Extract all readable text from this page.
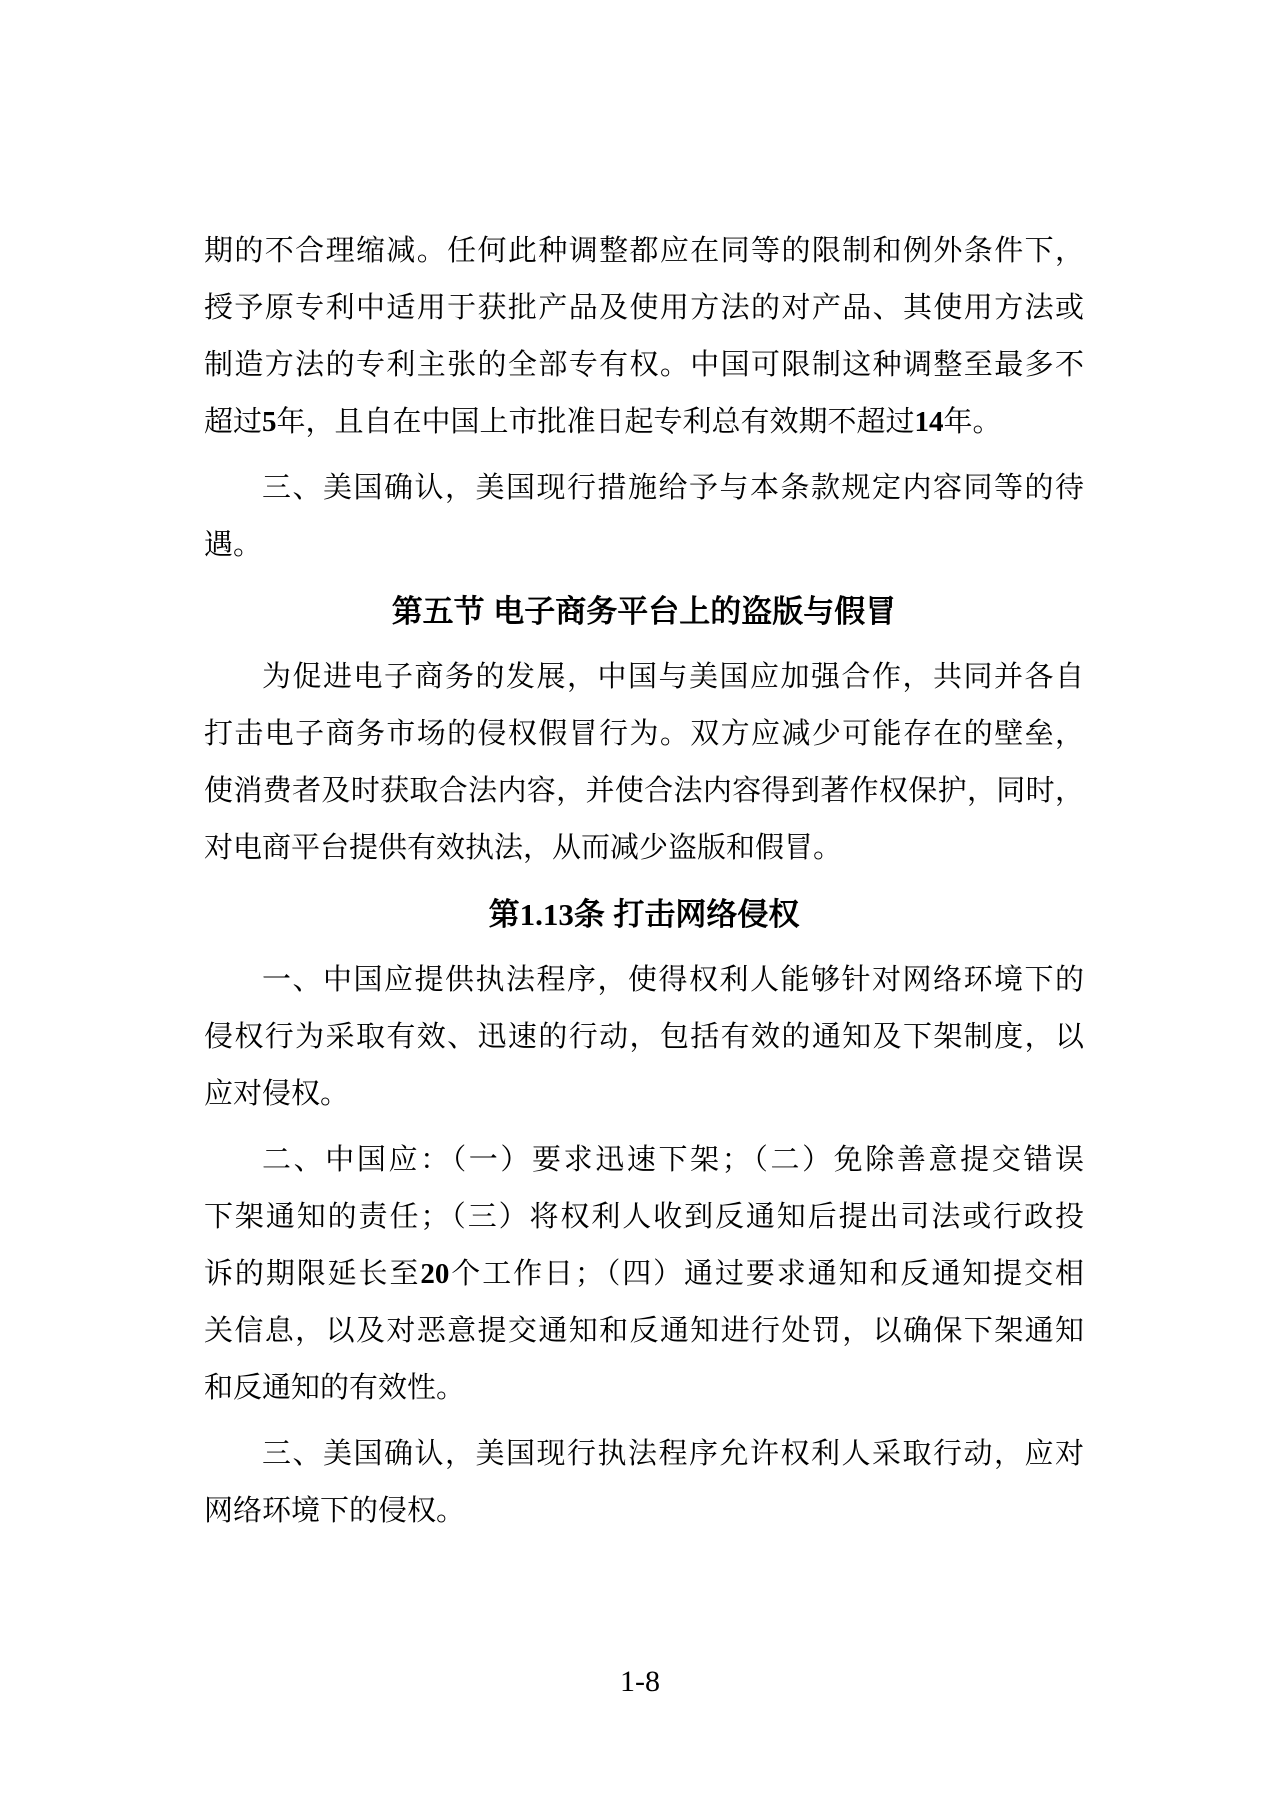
期的不合理缩减。任何此种调整都应在同等的限制和例外条件下，
授予原专利中适用于获批产品及使用方法的对产品、其使用方法或
制造方法的专利主张的全部专有权。中国可限制这种调整至最多不
超过5年，且自在中国上市批准日起专利总有效期不超过14年。
三、美国确认，美国现行措施给予与本条款规定内容同等的待
遇。
第五节 电子商务平台上的盗版与假冒
为促进电子商务的发展，中国与美国应加强合作，共同并各自
打击电子商务市场的侵权假冒行为。双方应减少可能存在的壁垒，
使消费者及时获取合法内容，并使合法内容得到著作权保护，同时，
对电商平台提供有效执法，从而减少盗版和假冒。
第1.13条 打击网络侵权
一、中国应提供执法程序，使得权利人能够针对网络环境下的
侵权行为采取有效、迅速的行动，包括有效的通知及下架制度，以
应对侵权。
二、中国应：（一）要求迅速下架；（二）免除善意提交错误
下架通知的责任；（三）将权利人收到反通知后提出司法或行政投
诉的期限延长至20个工作日；（四）通过要求通知和反通知提交相
关信息，以及对恶意提交通知和反通知进行处罚，以确保下架通知
和反通知的有效性。
三、美国确认，美国现行执法程序允许权利人采取行动，应对
网络环境下的侵权。
1-8
